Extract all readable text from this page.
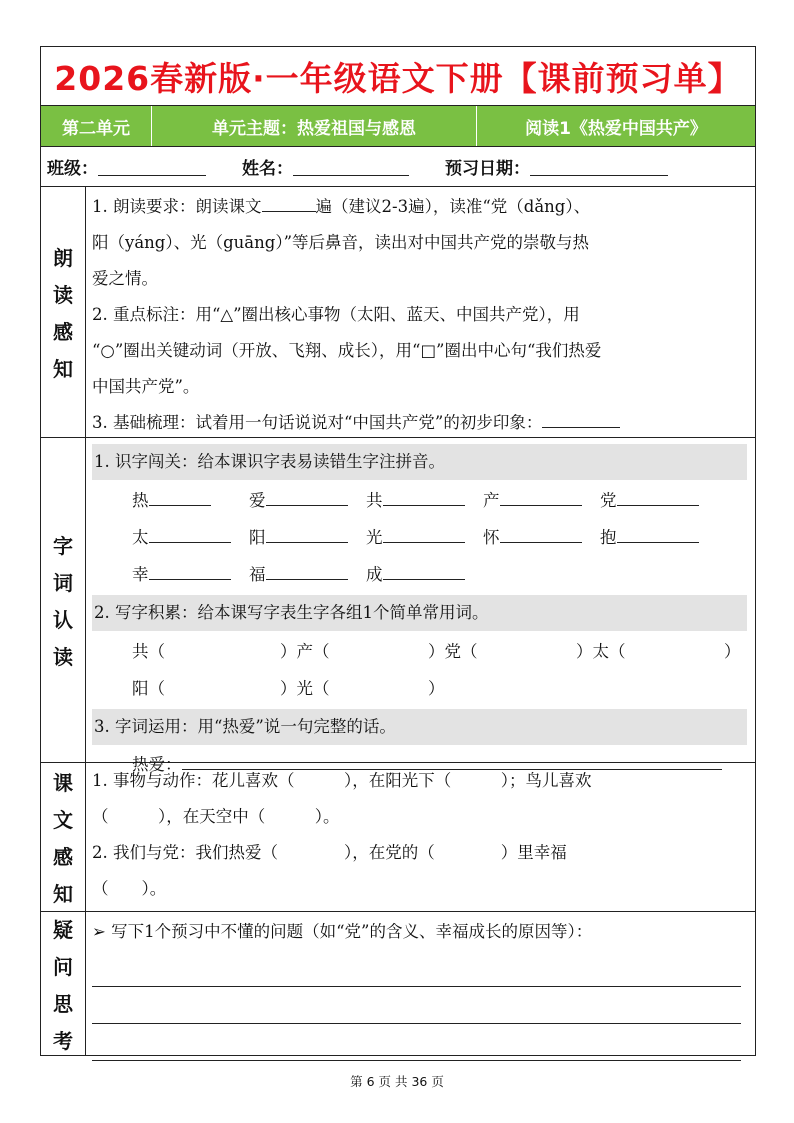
2026春新版·一年级语文下册【课前预习单】
第二单元	单元主题：热爱祖国与感恩	阅读1《热爱中国共产》
班级：	姓名：	预习日期：
朗
读
感
知
1. 朗读要求：朗读课文	遍（建议2-3遍），读准“党（dǎng）、
阳（yáng）、光（guāng）”等后鼻音，读出对中国共产党的崇敬与热
爱之情。
2. 重点标注：用“△”圈出核心事物（太阳、蓝天、中国共产党），用
“○”圈出关键动词（开放、飞翔、成长），用“□”圈出中心句“我们热爱
中国共产党”。
3. 基础梳理：试着用一句话说说对“中国共产党”的初步印象：
字
词
认
读
1. 识字闯关：给本课识字表易读错生字注拼音。
热	爱	共	产	党
太	阳	光	怀	抱
幸	福	成
2. 写字积累：给本课写字表生字各组1个简单常用词。
共（	）产（	）党（	）太（	）
阳（	）光（	）
3. 字词运用：用“热爱”说一句完整的话。
热爱：
课
文
感
知
1. 事物与动作：花儿喜欢（　　　），在阳光下（　　　）；鸟儿喜欢
（　　　），在天空中（　　　）。
2. 我们与党：我们热爱（　　　　），在党的（　　　　）里幸福
（　　）。
疑
问
思
考
➢ 写下1个预习中不懂的问题（如“党”的含义、幸福成长的原因等）：
第 6 页 共 36 页
